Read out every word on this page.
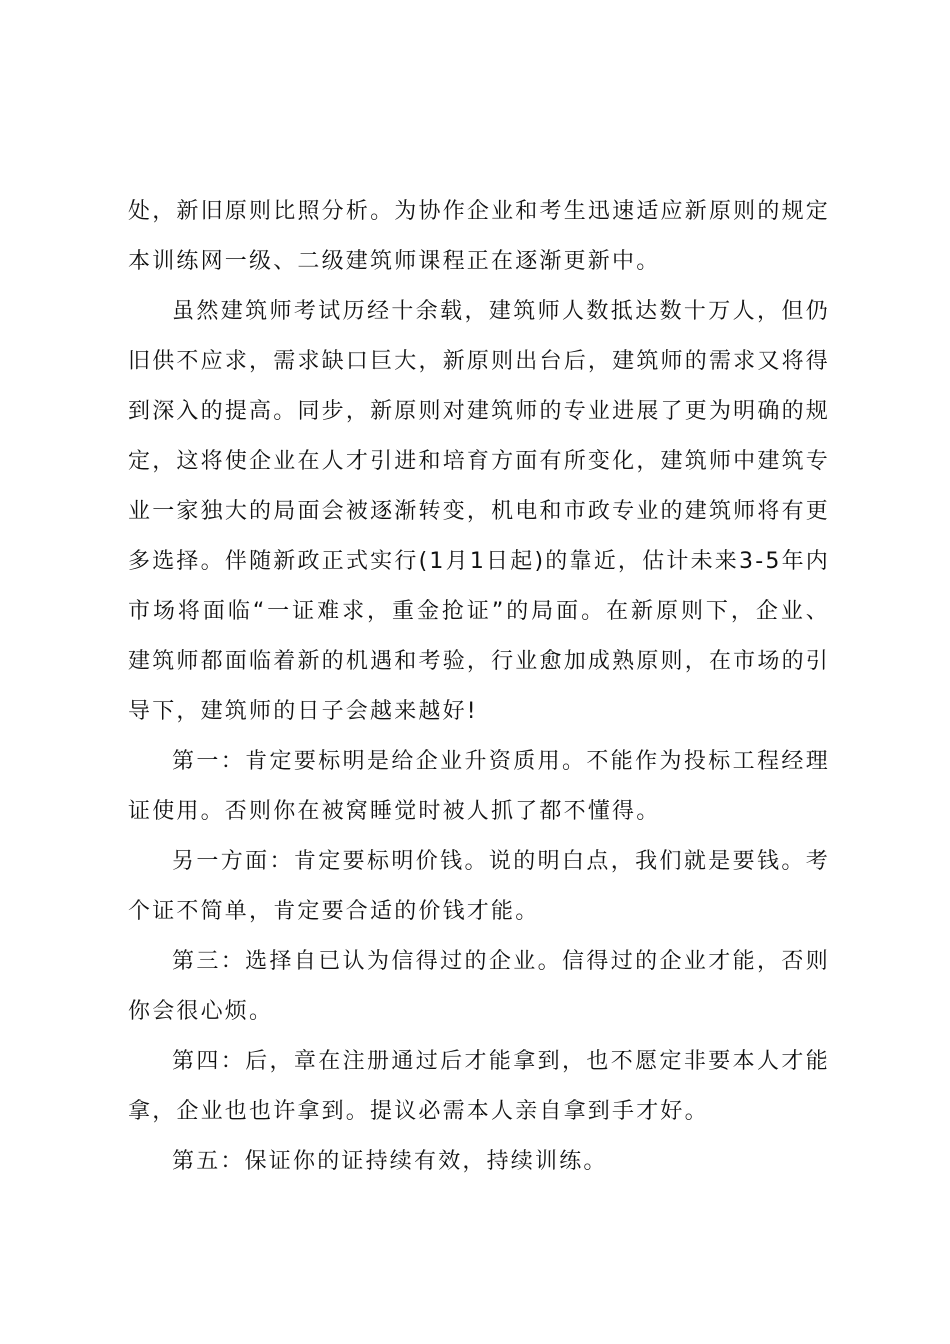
处，新旧原则比照分析。为协作企业和考生迅速适应新原则的规定本训练网一级、二级建筑师课程正在逐渐更新中。

虽然建筑师考试历经十余载，建筑师人数抵达数十万人，但仍旧供不应求，需求缺口巨大，新原则出台后，建筑师的需求又将得到深入的提高。同步，新原则对建筑师的专业进展了更为明确的规定，这将使企业在人才引进和培育方面有所变化，建筑师中建筑专业一家独大的局面会被逐渐转变，机电和市政专业的建筑师将有更多选择。伴随新政正式实行(1月1日起)的靠近，估计未来3-5年内市场将面临“一证难求，重金抢证”的局面。在新原则下，企业、建筑师都面临着新的机遇和考验，行业愈加成熟原则，在市场的引导下，建筑师的日子会越来越好!

第一：肯定要标明是给企业升资质用。不能作为投标工程经理证使用。否则你在被窝睡觉时被人抓了都不懂得。

另一方面：肯定要标明价钱。说的明白点，我们就是要钱。考个证不简单，肯定要合适的价钱才能。

第三：选择自已认为信得过的企业。信得过的企业才能，否则你会很心烦。

第四：后，章在注册通过后才能拿到，也不愿定非要本人才能拿，企业也也许拿到。提议必需本人亲自拿到手才好。

第五：保证你的证持续有效，持续训练。
